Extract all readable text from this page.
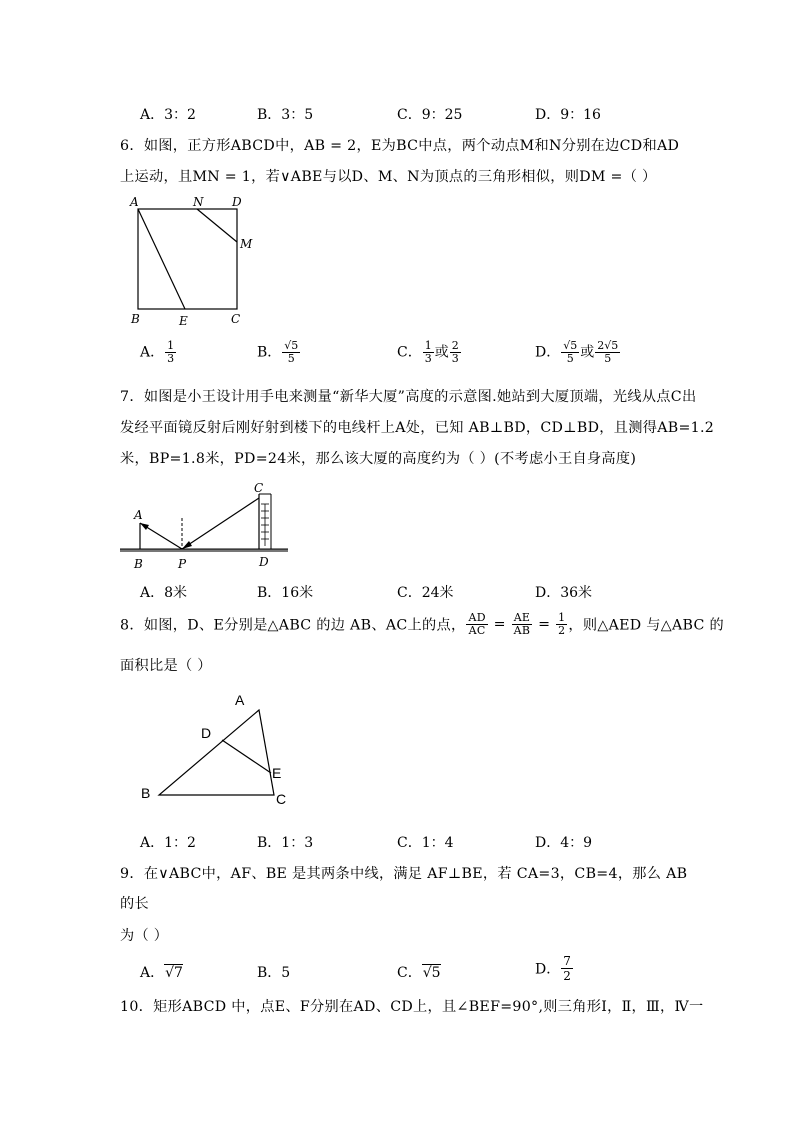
A．3：2	B．3：5	C．9：25	D．9：16
6．如图，正方形ABCD中，AB = 2，E为BC中点，两个动点M和N分别在边CD和AD
上运动，且MN = 1，若∨ABE与以D、M、N为顶点的三角形相似，则DM =（ ）
A	N D
M
B	E	C
A． $\frac{1}{3}$	B． $\frac{√5}{5}$	C． $\frac{1}{3}$ 或 $\frac{2}{3}$	D． $\frac{√5}{5}$ 或 $\frac{2√5}{5}$
7．如图是小王设计用手电来测量“新华大厦”高度的示意图.她站到大厦顶端，光线从点C出
发经平面镜反射后刚好射到楼下的电线杆上A处，已知 AB⊥BD，CD⊥BD，且测得AB=1.2
米，BP=1.8米，PD=24米，那么该大厦的高度约为（ ）(不考虑小王自身高度)
C
A
B	P	D
A．8米	B．16米	C．24米	D．36米
8．如图，D、E分别是△ABC 的边 AB、AC上的点， $\frac{AD}{AC} = \frac{AE}{AB} = \frac{1}{2}$ ，则△AED 与△ABC 的
面积比是（ ）
A
D
E
B	C
A．1：2	B．1：3	C．1：4	D．4：9
9．在∨ABC中，AF、BE 是其两条中线，满足 AF⊥BE，若 CA=3，CB=4，那么 AB
的长
为（ ）
A．√7	B．5	C．√5	D． $\frac{7}{2}$
10．矩形ABCD 中，点E、F分别在AD、CD上，且∠BEF=90°,则三角形Ⅰ，Ⅱ，Ⅲ，Ⅳ一
